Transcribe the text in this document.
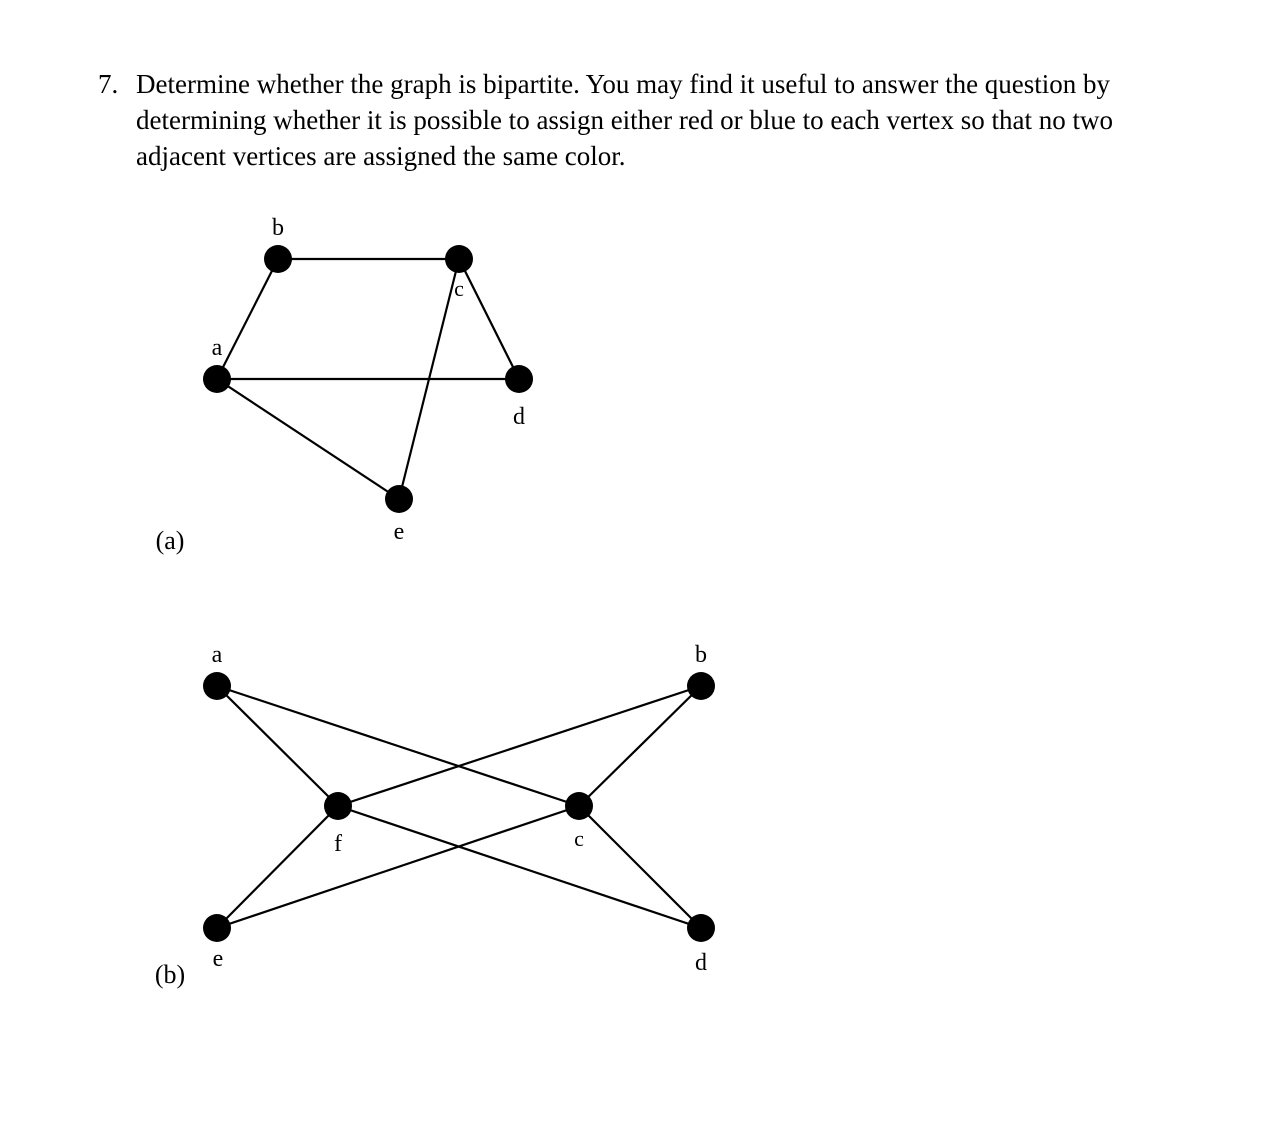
7. Determine whether the graph is bipartite. You may find it useful to answer the question by
determining whether it is possible to assign either red or blue to each vertex so that no two
adjacent vertices are assigned the same color.
(a)
a
b
c
d
e
(b)
a	b
f	c
e	d
